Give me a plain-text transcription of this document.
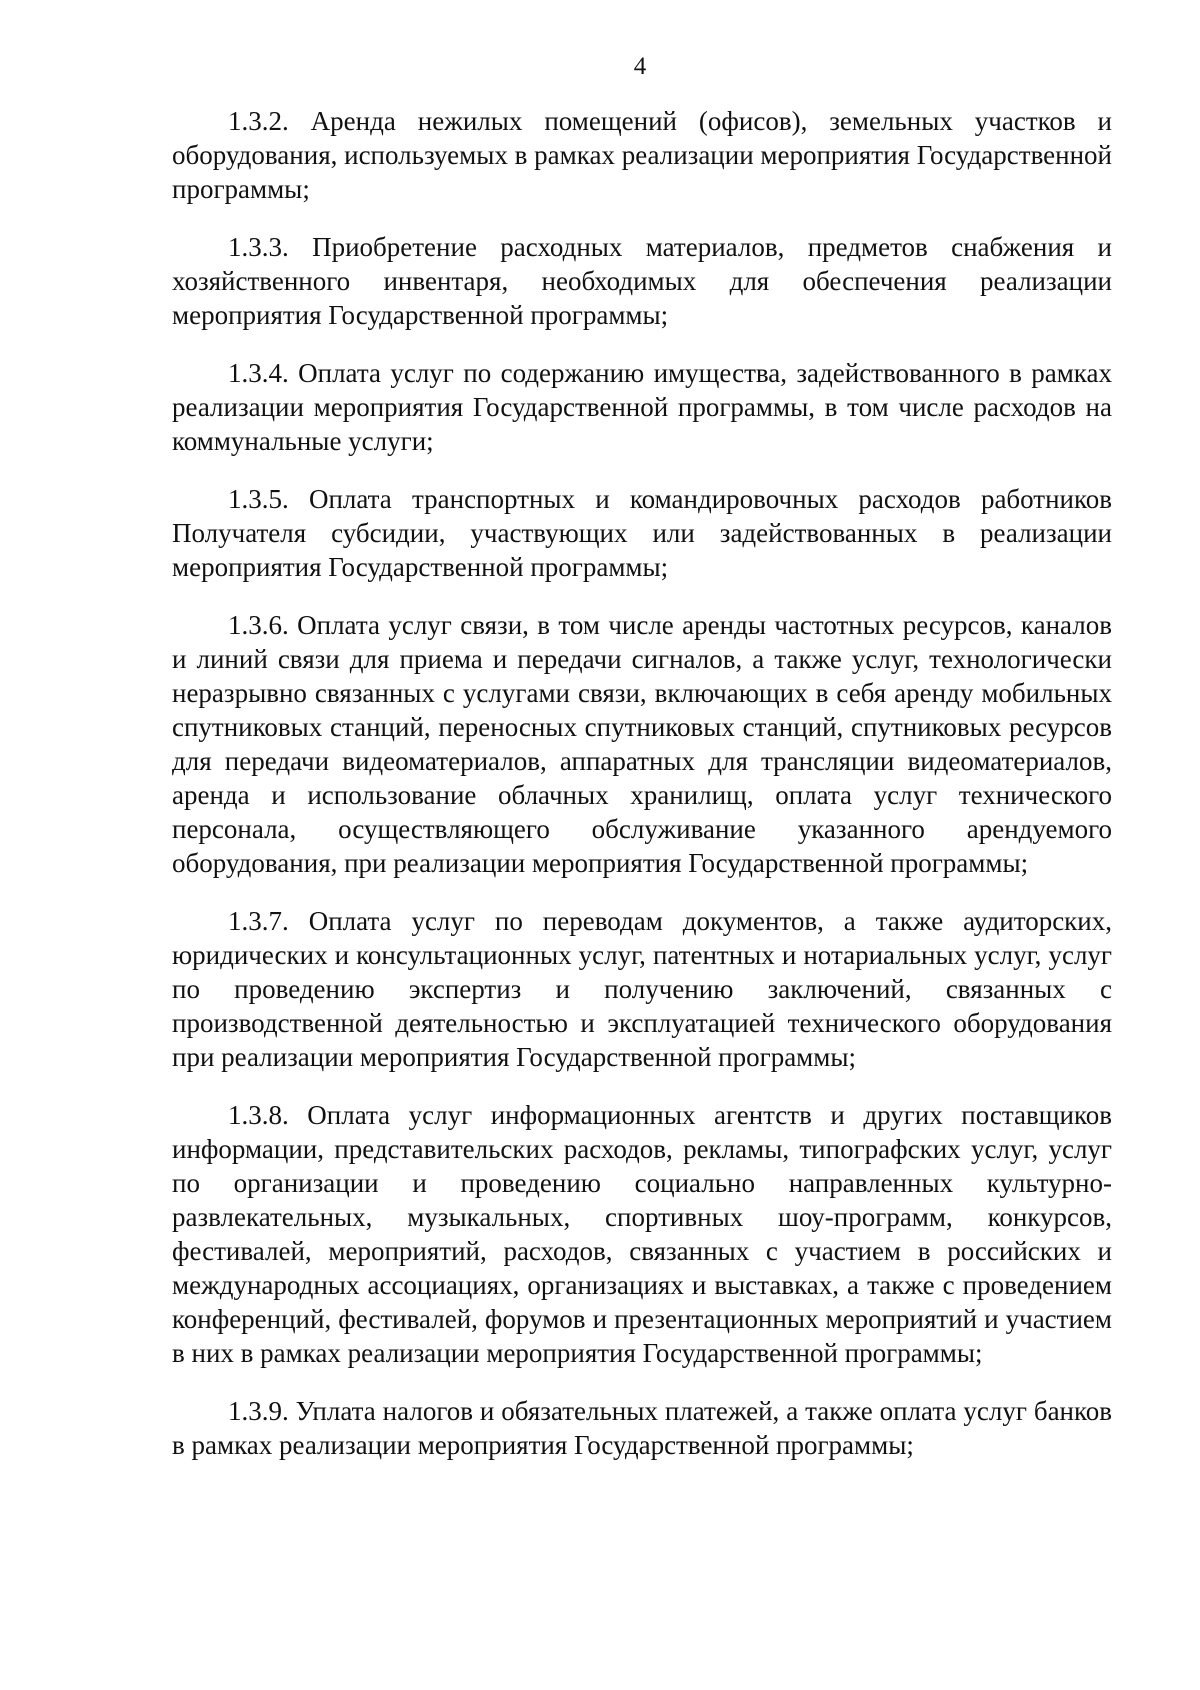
4

1.3.2. Аренда нежилых помещений (офисов), земельных участков и оборудования, используемых в рамках реализации мероприятия Государственной программы;

1.3.3. Приобретение расходных материалов, предметов снабжения и хозяйственного инвентаря, необходимых для обеспечения реализации мероприятия Государственной программы;

1.3.4. Оплата услуг по содержанию имущества, задействованного в рамках реализации мероприятия Государственной программы, в том числе расходов на коммунальные услуги;

1.3.5. Оплата транспортных и командировочных расходов работников Получателя субсидии, участвующих или задействованных в реализации мероприятия Государственной программы;

1.3.6. Оплата услуг связи, в том числе аренды частотных ресурсов, каналов и линий связи для приема и передачи сигналов, а также услуг, технологически неразрывно связанных с услугами связи, включающих в себя аренду мобильных спутниковых станций, переносных спутниковых станций, спутниковых ресурсов для передачи видеоматериалов, аппаратных для трансляции видеоматериалов, аренда и использование облачных хранилищ, оплата услуг технического персонала, осуществляющего обслуживание указанного арендуемого оборудования, при реализации мероприятия Государственной программы;

1.3.7. Оплата услуг по переводам документов, а также аудиторских, юридических и консультационных услуг, патентных и нотариальных услуг, услуг по проведению экспертиз и получению заключений, связанных с производственной деятельностью и эксплуатацией технического оборудования при реализации мероприятия Государственной программы;

1.3.8. Оплата услуг информационных агентств и других поставщиков информации, представительских расходов, рекламы, типографских услуг, услуг по организации и проведению социально направленных культурно-развлекательных, музыкальных, спортивных шоу-программ, конкурсов, фестивалей, мероприятий, расходов, связанных с участием в российских и международных ассоциациях, организациях и выставках, а также с проведением конференций, фестивалей, форумов и презентационных мероприятий и участием в них в рамках реализации мероприятия Государственной программы;

1.3.9. Уплата налогов и обязательных платежей, а также оплата услуг банков в рамках реализации мероприятия Государственной программы;
